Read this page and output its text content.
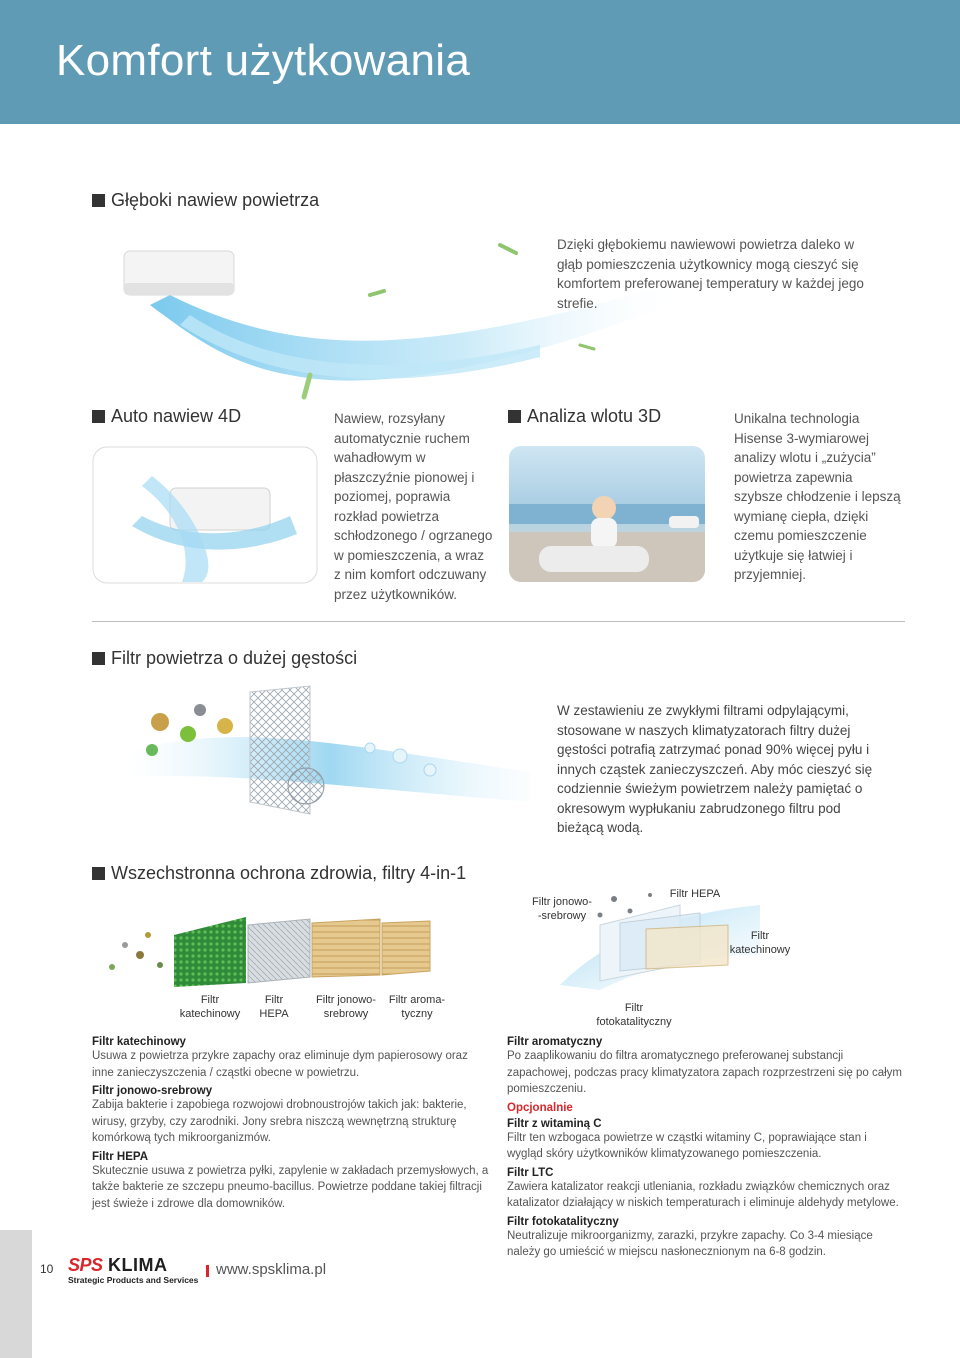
Komfort użytkowania
Głęboki nawiew powietrza
Dzięki głębokiemu nawiewowi powietrza daleko w głąb pomieszczenia użytkownicy mogą cieszyć się komfortem preferowanej temperatury w każdej jego strefie.
Auto nawiew 4D	Nawiew, rozsyłany automatycznie ruchem wahadłowym w płaszczyźnie pionowej i poziomej, poprawia rozkład powietrza schłodzonego / ogrzanego w pomieszczenia, a wraz z nim komfort odczuwany przez użytkowników.
Analiza wlotu 3D	Unikalna technologia Hisense 3-wymiarowej analizy wlotu i „zużycia” powietrza zapewnia szybsze chłodzenie i lepszą wymianę ciepła, dzięki czemu pomieszczenie użytkuje się łatwiej i przyjemniej.
Filtr powietrza o dużej gęstości
W zestawieniu ze zwykłymi filtrami odpylającymi, stosowane w naszych klimatyzatorach filtry dużej gęstości potrafią zatrzymać ponad 90% więcej pyłu i innych cząstek zanieczyszczeń. Aby móc cieszyć się codziennie świeżym powietrzem należy pamiętać o okresowym wypłukaniu zabrudzonego filtru pod bieżącą wodą.
Wszechstronna ochrona zdrowia, filtry 4-in-1
Filtr
katechinowy
Filtr
HEPA
Filtr jonowo-
srebrowy
Filtr aroma-
tyczny
Filtr jonowo-
-srebrowy
Filtr HEPA
Filtr
katechinowy
Filtr
fotokatalityczny
Filtr katechinowy
Usuwa z powietrza przykre zapachy oraz eliminuje dym papierosowy oraz inne zanieczyszczenia / cząstki obecne w powietrzu.
Filtr jonowo-srebrowy
Zabija bakterie i zapobiega rozwojowi drobnoustrojów takich jak: bakterie, wirusy, grzyby, czy zarodniki. Jony srebra niszczą wewnętrzną strukturę komórkową tych mikroorganizmów.
Filtr HEPA
Skutecznie usuwa z powietrza pyłki, zapylenie w zakładach przemysłowych, a także bakterie ze szczepu pneumo-bacillus. Powietrze poddane takiej filtracji jest świeże i zdrowe dla domowników.
Filtr aromatyczny
Po zaaplikowaniu do filtra aromatycznego preferowanej substancji zapachowej, podczas pracy klimatyzatora zapach rozprzestrzeni się po całym pomieszczeniu.
Opcjonalnie
Filtr z witaminą C
Filtr ten wzbogaca powietrze w cząstki witaminy C, poprawiające stan i wygląd skóry użytkowników klimatyzowanego pomieszczenia.
Filtr LTC
Zawiera katalizator reakcji utleniania, rozkładu związków chemicznych oraz katalizator działający w niskich temperaturach i eliminuje aldehydy metylowe.
Filtr fotokatalityczny
Neutralizuje mikroorganizmy, zarazki, przykre zapachy. Co 3-4 miesiące należy go umieścić w miejscu nasłonecznionym na 6-8 godzin.
10 SPS KLIMA
Strategic Products and Services
www.spsklima.pl
